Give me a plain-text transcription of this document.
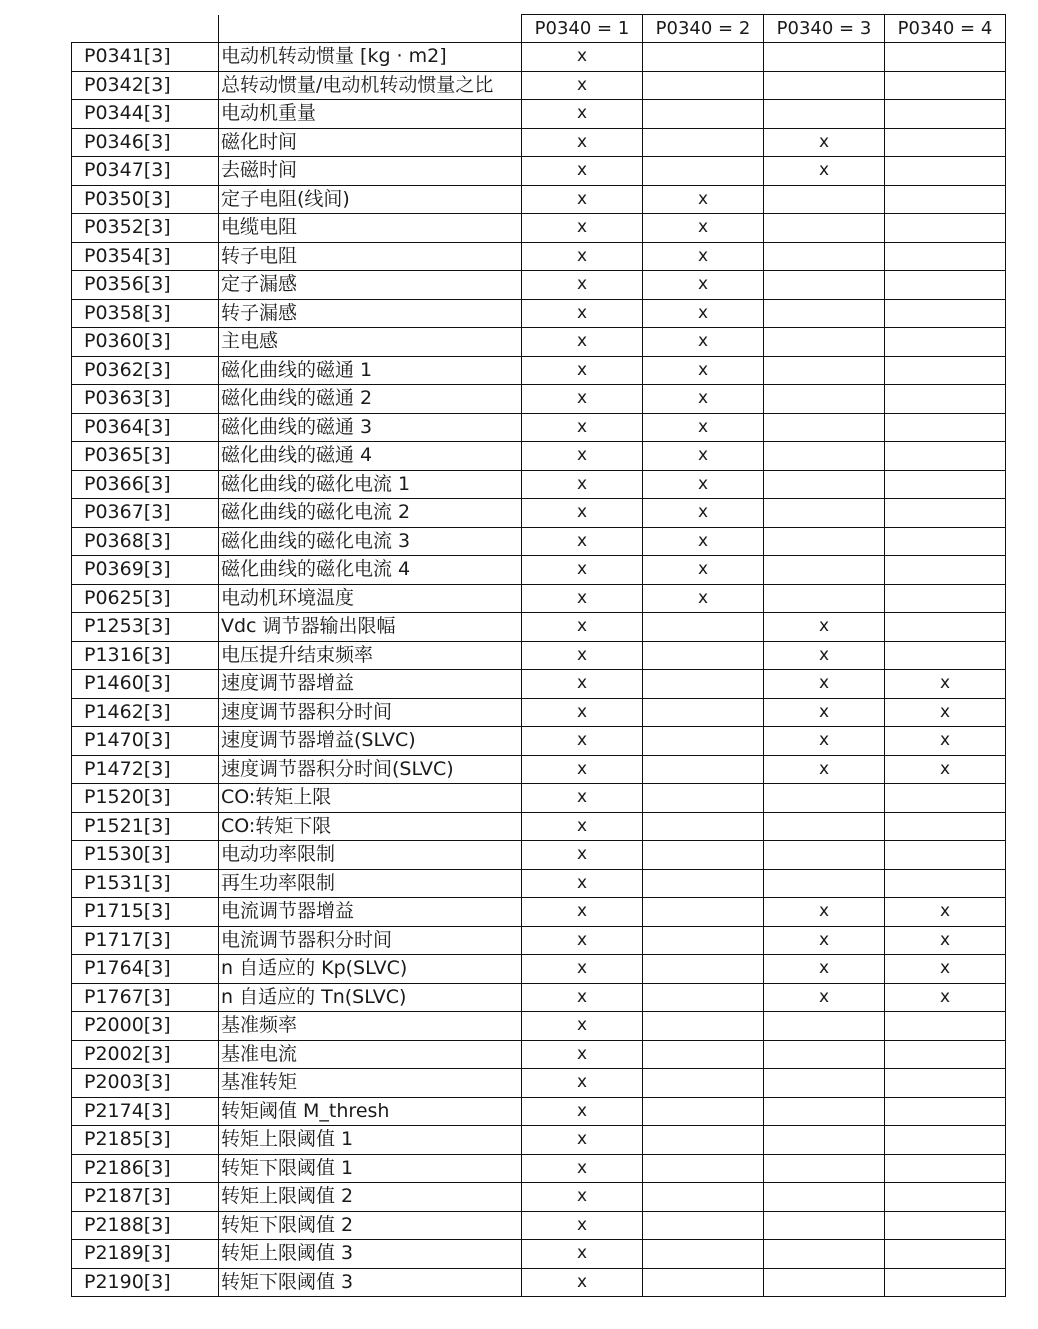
		P0340 = 1	P0340 = 2	P0340 = 3	P0340 = 4
P0341[3]	电动机转动惯量 [kg · m2]	x			
P0342[3]	总转动惯量/电动机转动惯量之比	x			
P0344[3]	电动机重量	x			
P0346[3]	磁化时间	x		x	
P0347[3]	去磁时间	x		x	
P0350[3]	定子电阻(线间)	x	x		
P0352[3]	电缆电阻	x	x		
P0354[3]	转子电阻	x	x		
P0356[3]	定子漏感	x	x		
P0358[3]	转子漏感	x	x		
P0360[3]	主电感	x	x		
P0362[3]	磁化曲线的磁通 1	x	x		
P0363[3]	磁化曲线的磁通 2	x	x		
P0364[3]	磁化曲线的磁通 3	x	x		
P0365[3]	磁化曲线的磁通 4	x	x		
P0366[3]	磁化曲线的磁化电流 1	x	x		
P0367[3]	磁化曲线的磁化电流 2	x	x		
P0368[3]	磁化曲线的磁化电流 3	x	x		
P0369[3]	磁化曲线的磁化电流 4	x	x		
P0625[3]	电动机环境温度	x	x		
P1253[3]	Vdc 调节器输出限幅	x		x	
P1316[3]	电压提升结束频率	x		x	
P1460[3]	速度调节器增益	x		x	x
P1462[3]	速度调节器积分时间	x		x	x
P1470[3]	速度调节器增益(SLVC)	x		x	x
P1472[3]	速度调节器积分时间(SLVC)	x		x	x
P1520[3]	CO:转矩上限	x			
P1521[3]	CO:转矩下限	x			
P1530[3]	电动功率限制	x			
P1531[3]	再生功率限制	x			
P1715[3]	电流调节器增益	x		x	x
P1717[3]	电流调节器积分时间	x		x	x
P1764[3]	n 自适应的 Kp(SLVC)	x		x	x
P1767[3]	n 自适应的 Tn(SLVC)	x		x	x
P2000[3]	基准频率	x			
P2002[3]	基准电流	x			
P2003[3]	基准转矩	x			
P2174[3]	转矩阈值 M_thresh	x			
P2185[3]	转矩上限阈值 1	x			
P2186[3]	转矩下限阈值 1	x			
P2187[3]	转矩上限阈值 2	x			
P2188[3]	转矩下限阈值 2	x			
P2189[3]	转矩上限阈值 3	x			
P2190[3]	转矩下限阈值 3	x			
